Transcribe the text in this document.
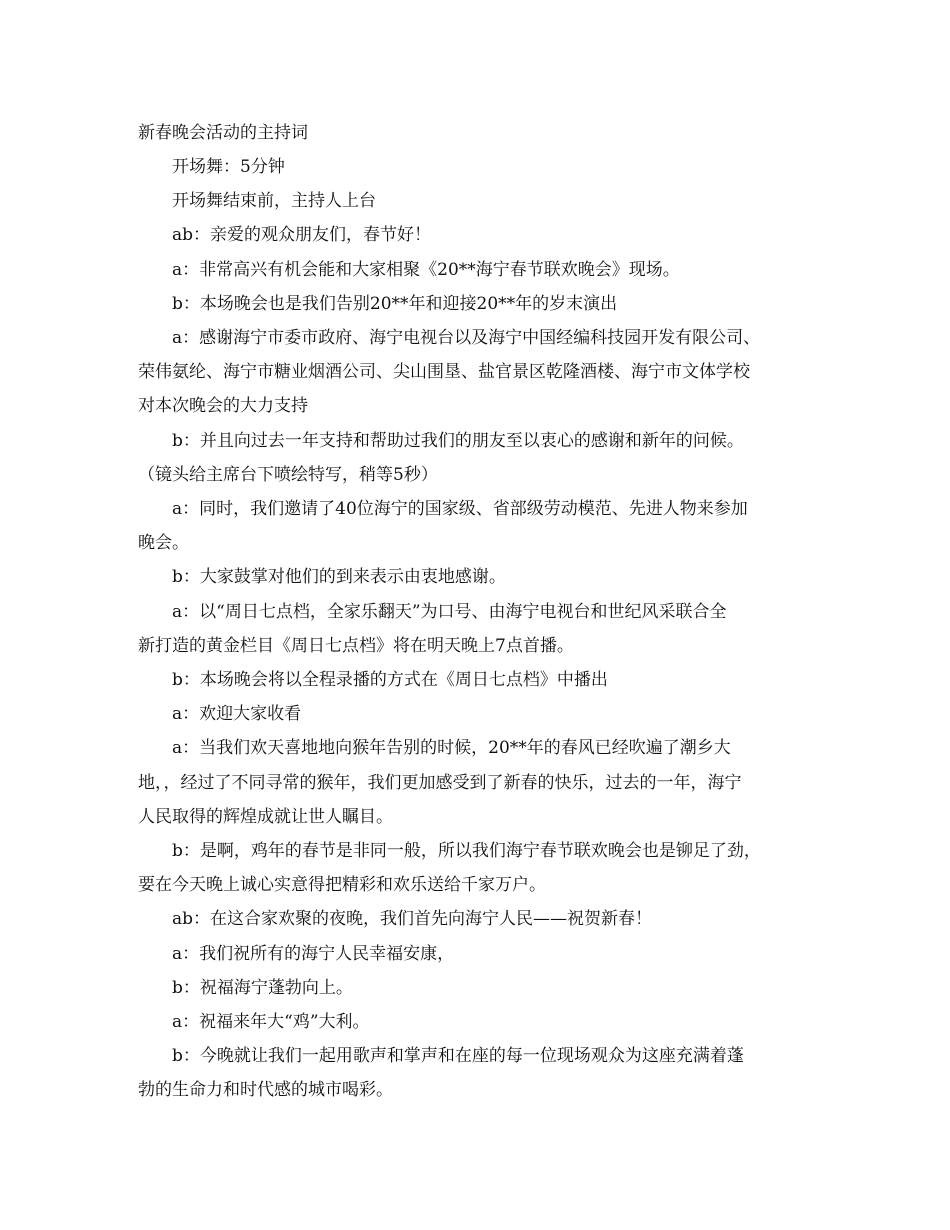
新春晚会活动的主持词

开场舞：5分钟

开场舞结束前，主持人上台

ab：亲爱的观众朋友们，春节好！

a：非常高兴有机会能和大家相聚《20**海宁春节联欢晚会》现场。

b：本场晚会也是我们告别20**年和迎接20**年的岁末演出

a：感谢海宁市委市政府、海宁电视台以及海宁中国经编科技园开发有限公司、
荣伟氨纶、海宁市糖业烟酒公司、尖山围垦、盐官景区乾隆酒楼、海宁市文体学校
对本次晚会的大力支持

b：并且向过去一年支持和帮助过我们的朋友至以衷心的感谢和新年的问候。

（镜头给主席台下喷绘特写，稍等5秒）

a：同时，我们邀请了40位海宁的国家级、省部级劳动模范、先进人物来参加
晚会。

b：大家鼓掌对他们的到来表示由衷地感谢。

a：以“周日七点档，全家乐翻天”为口号、由海宁电视台和世纪风采联合全
新打造的黄金栏目《周日七点档》将在明天晚上7点首播。

b：本场晚会将以全程录播的方式在《周日七点档》中播出

a：欢迎大家收看

a：当我们欢天喜地地向猴年告别的时候，20**年的春风已经吹遍了潮乡大
地，，经过了不同寻常的猴年，我们更加感受到了新春的快乐，过去的一年，海宁
人民取得的辉煌成就让世人瞩目。

b：是啊，鸡年的春节是非同一般，所以我们海宁春节联欢晚会也是铆足了劲，
要在今天晚上诚心实意得把精彩和欢乐送给千家万户。

ab：在这合家欢聚的夜晚，我们首先向海宁人民——祝贺新春！

a：我们祝所有的海宁人民幸福安康，

b：祝福海宁蓬勃向上。

a：祝福来年大“鸡”大利。

b：今晚就让我们一起用歌声和掌声和在座的每一位现场观众为这座充满着蓬
勃的生命力和时代感的城市喝彩。
